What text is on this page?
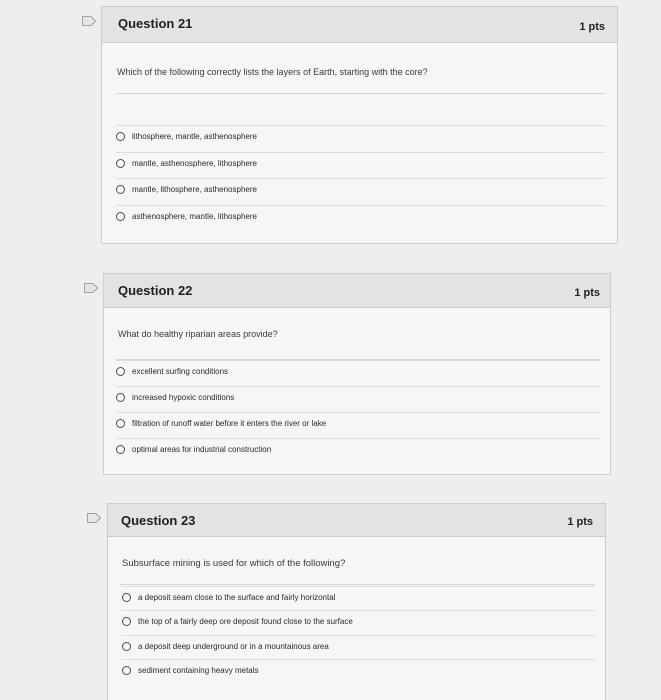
Question 21	1 pts
Which of the following correctly lists the layers of Earth, starting with the core?
lithosphere, mantle, asthenosphere
mantle, asthenosphere, lithosphere
mantle, lithosphere, asthenosphere
asthenosphere, mantle, lithosphere
Question 22	1 pts
What do healthy riparian areas provide?
excellent surfing conditions
increased hypoxic conditions
filtration of runoff water before it enters the river or lake
optimal areas for industrial construction
Question 23	1 pts
Subsurface mining is used for which of the following?
a deposit seam close to the surface and fairly horizontal
the top of a fairly deep ore deposit found close to the surface
a deposit deep underground or in a mountainous area
sediment containing heavy metals
